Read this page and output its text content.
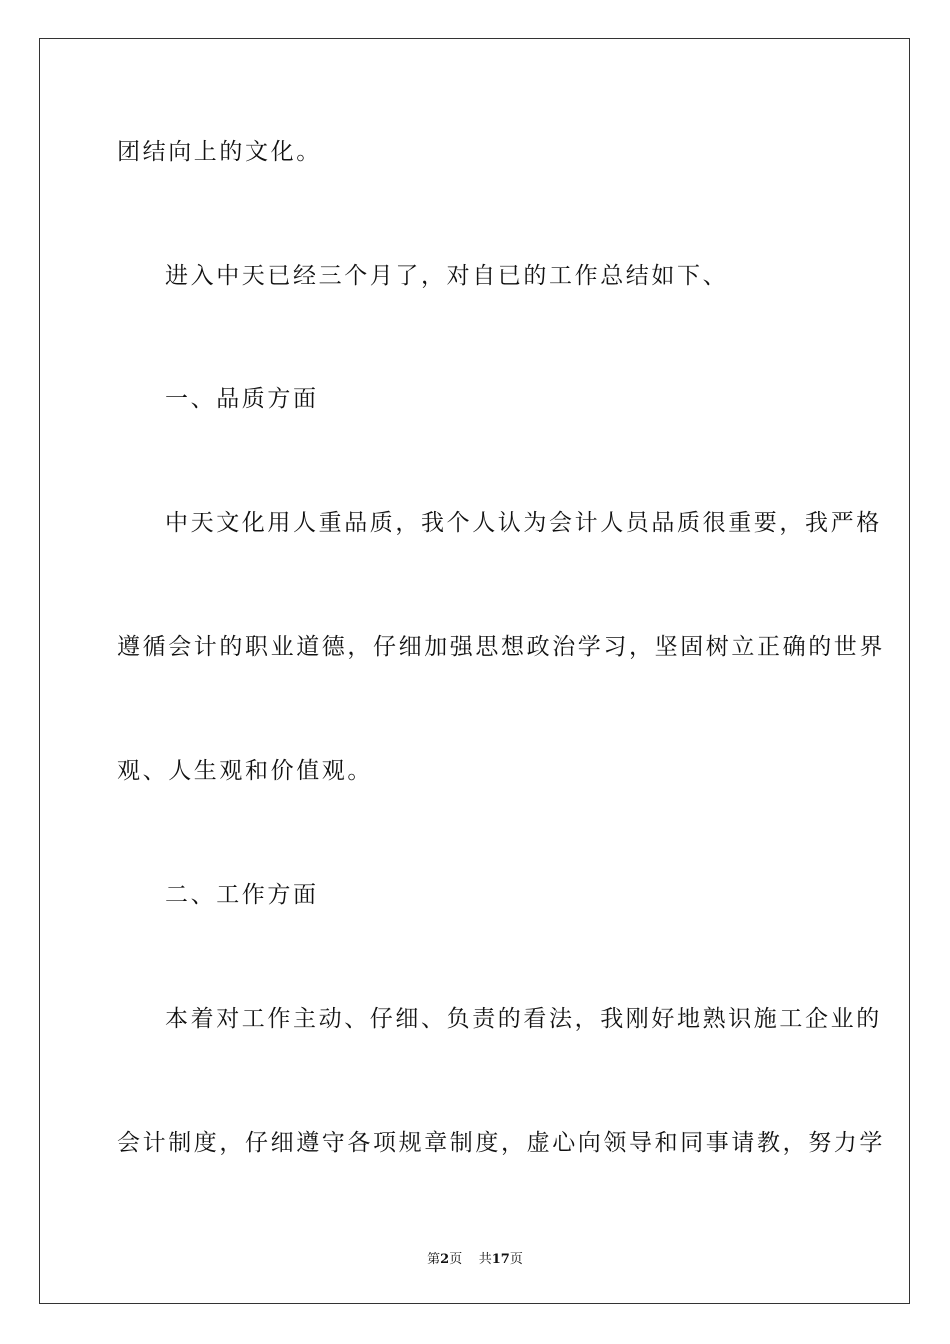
团结向上的文化。
进入中天已经三个月了，对自已的工作总结如下、
一、品质方面
中天文化用人重品质，我个人认为会计人员品质很重要，我严格
遵循会计的职业道德，仔细加强思想政治学习，坚固树立正确的世界
观、人生观和价值观。
二、工作方面
本着对工作主动、仔细、负责的看法，我刚好地熟识施工企业的
会计制度，仔细遵守各项规章制度，虚心向领导和同事请教，努力学
第2页 共17页
